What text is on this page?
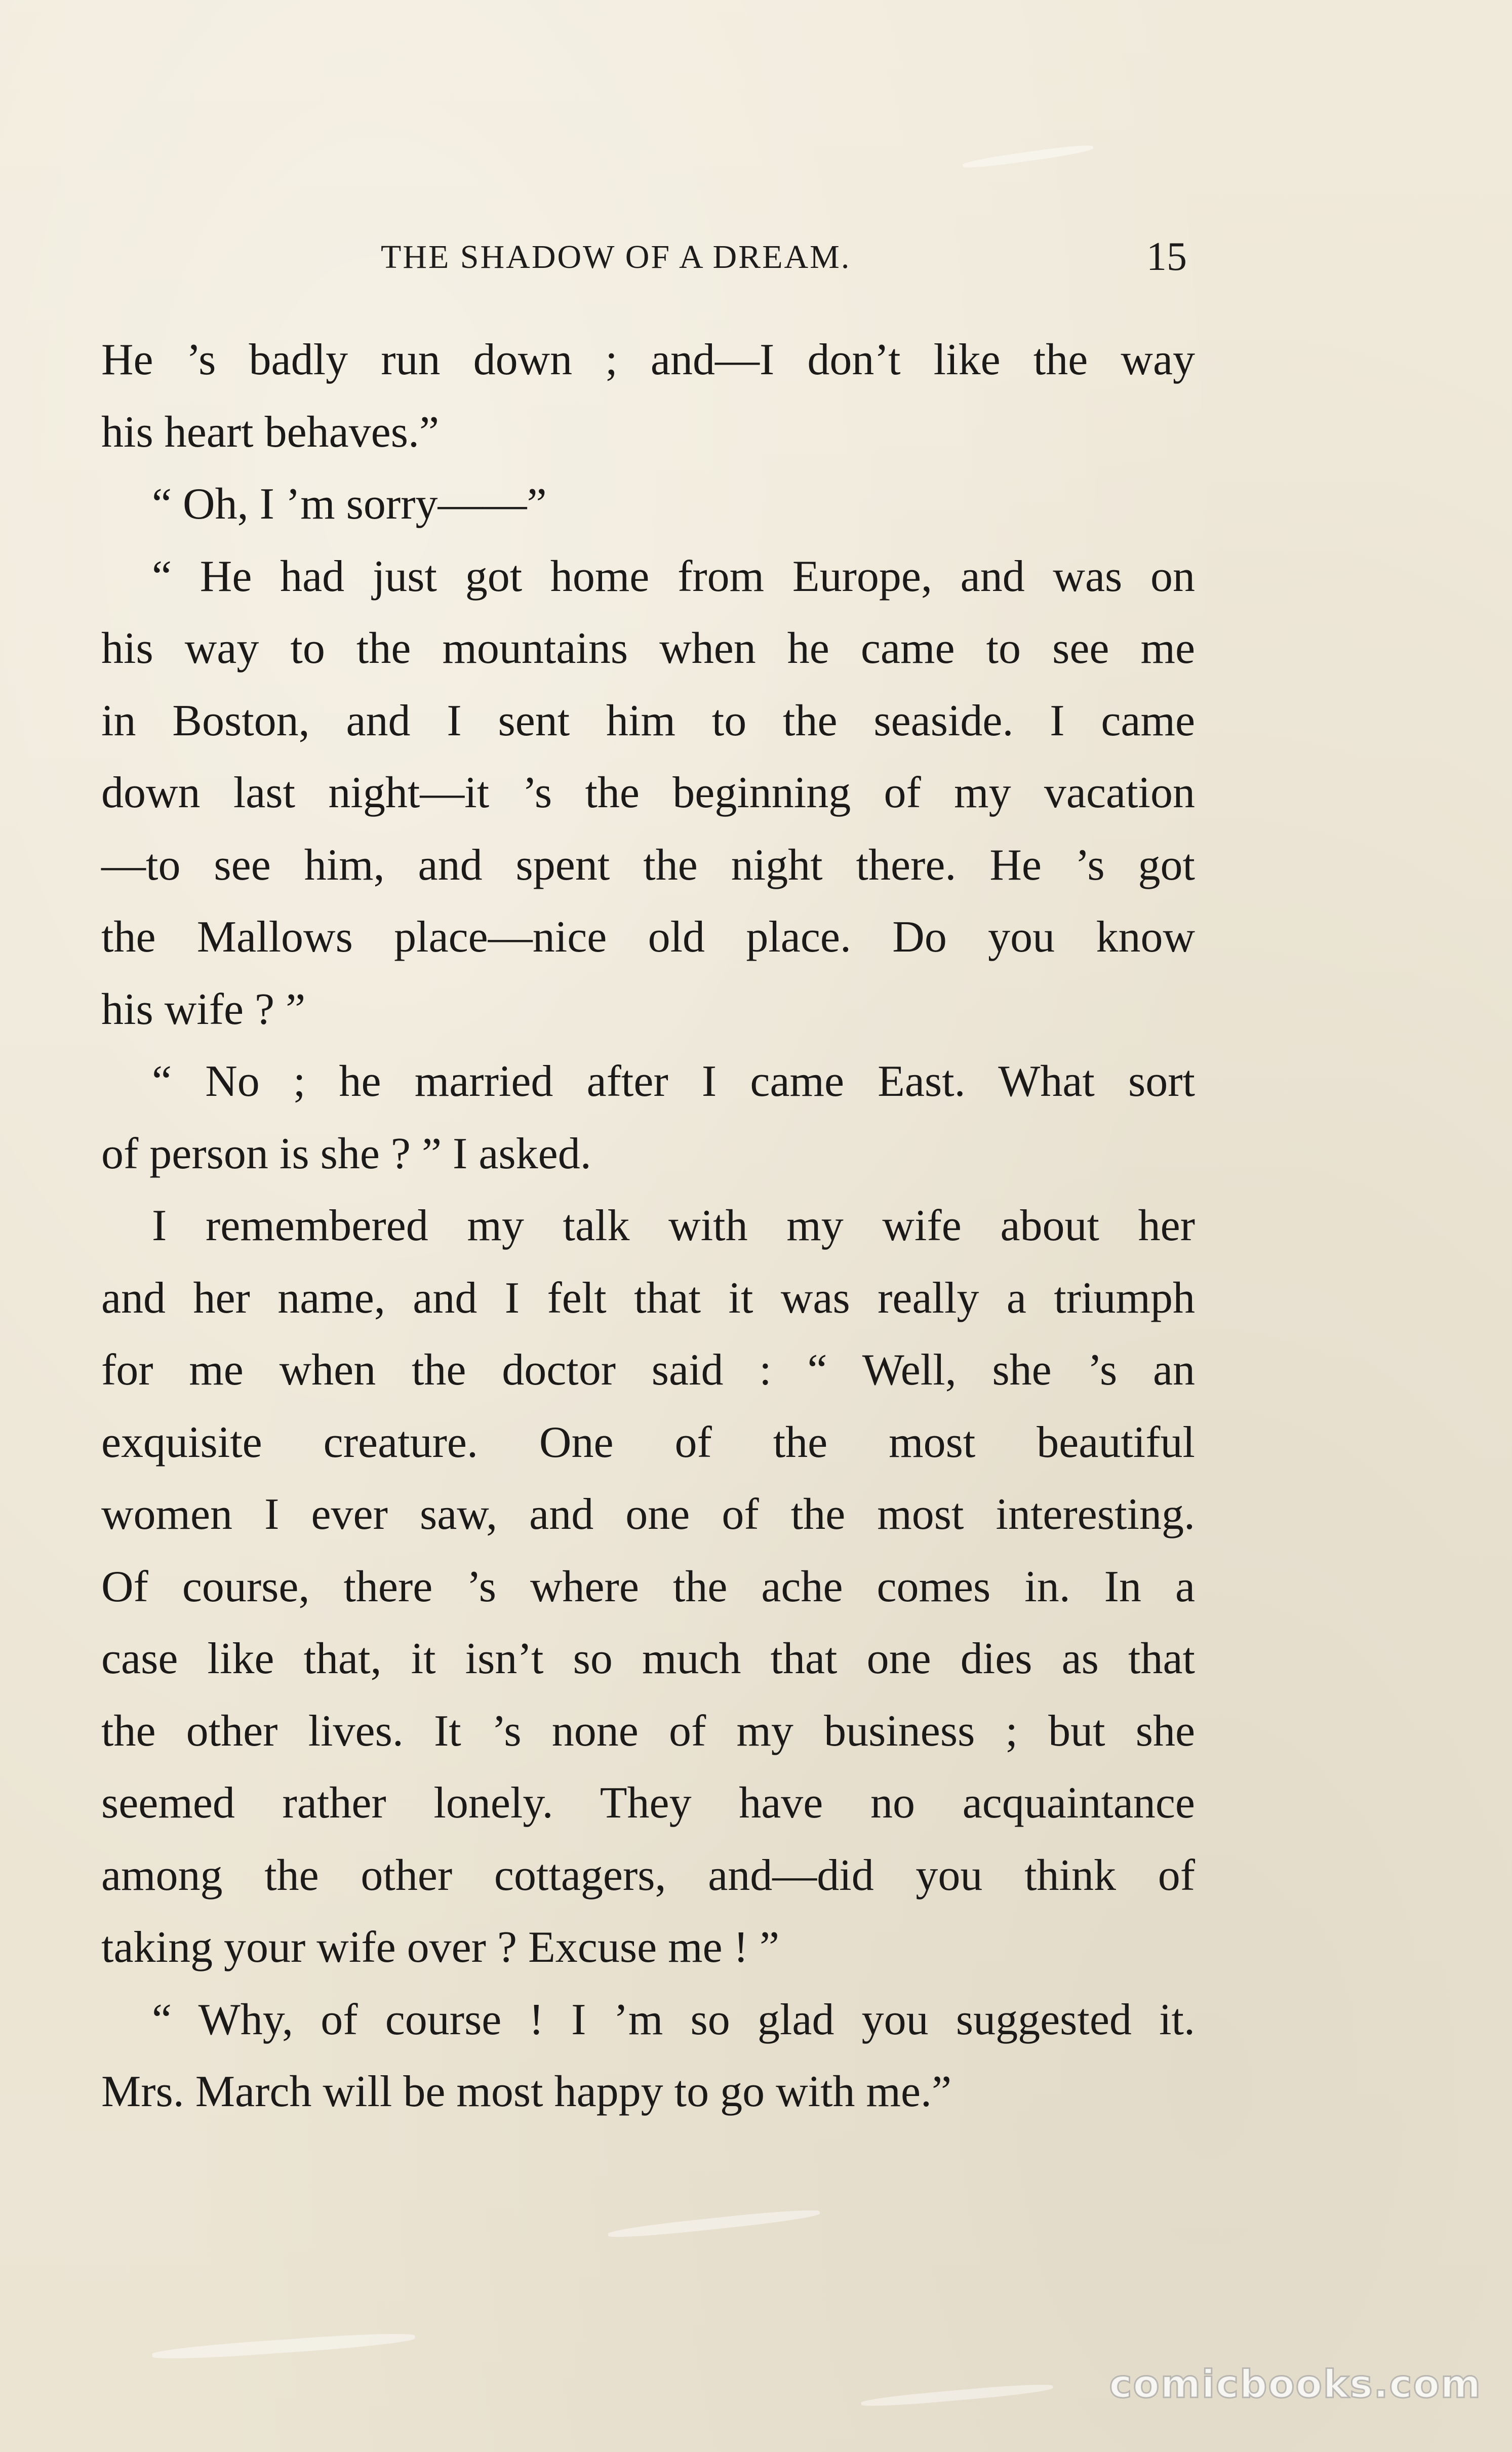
THE SHADOW OF A DREAM.	15
He ’s badly run down ; and—I don’t like the way
his heart behaves.”
“ Oh, I ’m sorry——”
“ He had just got home from Europe, and was on
his way to the mountains when he came to see me
in Boston, and I sent him to the seaside. I came
down last night—it ’s the beginning of my vacation
—to see him, and spent the night there. He ’s got
the Mallows place—nice old place. Do you know
his wife ? ”
“ No ; he married after I came East. What sort
of person is she ? ” I asked.
I remembered my talk with my wife about her
and her name, and I felt that it was really a triumph
for me when the doctor said : “ Well, she ’s an
exquisite creature. One of the most beautiful
women I ever saw, and one of the most interesting.
Of course, there ’s where the ache comes in. In a
case like that, it isn’t so much that one dies as that
the other lives. It ’s none of my business ; but she
seemed rather lonely. They have no acquaintance
among the other cottagers, and—did you think of
taking your wife over ? Excuse me ! ”
“ Why, of course ! I ’m so glad you suggested it.
Mrs. March will be most happy to go with me.”
comicbooks.com
